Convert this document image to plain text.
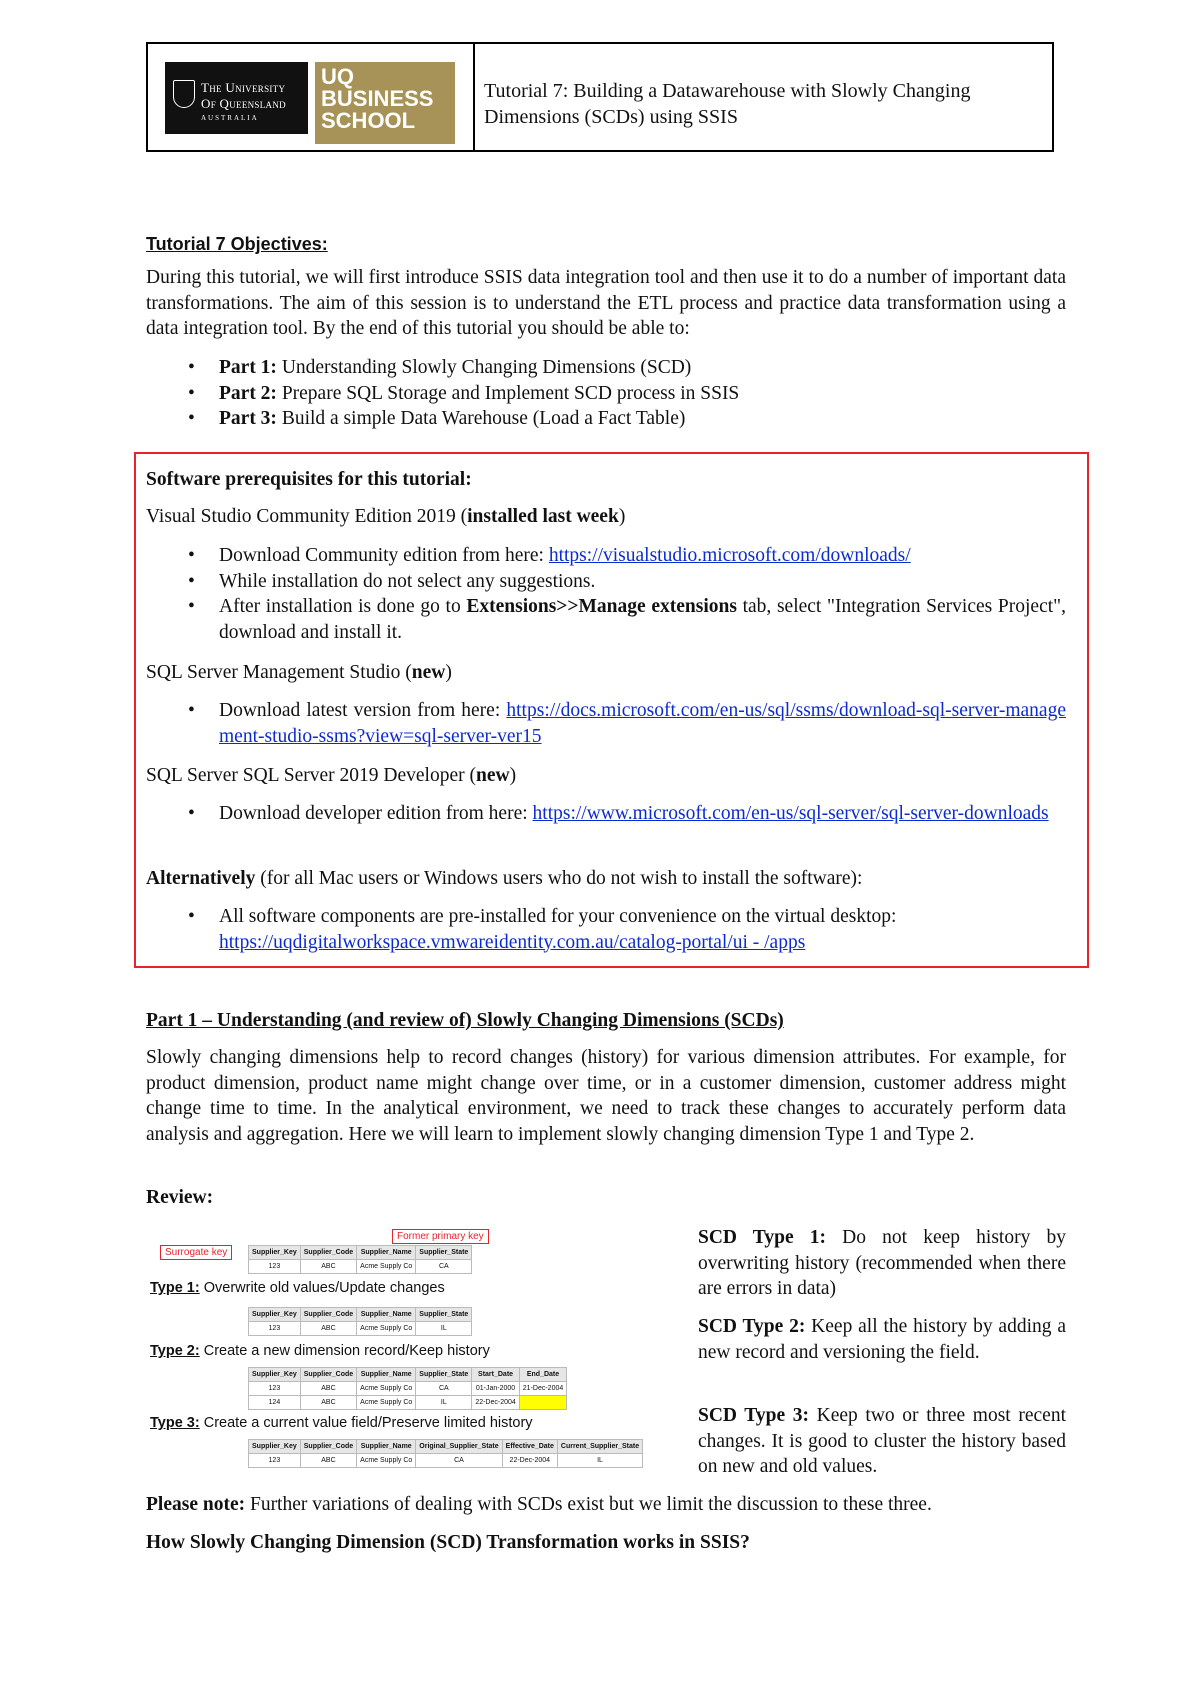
The University
Of Queensland
AUSTRALIA
UQ
BUSINESS
SCHOOL
Tutorial 7: Building a Datawarehouse with Slowly Changing Dimensions (SCDs) using SSIS
Tutorial 7 Objectives:
During this tutorial, we will first introduce SSIS data integration tool and then use it to do a number of important data transformations. The aim of this session is to understand the ETL process and practice data transformation using a data integration tool. By the end of this tutorial you should be able to:
• Part 1: Understanding Slowly Changing Dimensions (SCD)
• Part 2: Prepare SQL Storage and Implement SCD process in SSIS
• Part 3: Build a simple Data Warehouse (Load a Fact Table)
Software prerequisites for this tutorial:
Visual Studio Community Edition 2019 (installed last week)
• Download Community edition from here: https://visualstudio.microsoft.com/downloads/
• While installation do not select any suggestions.
• After installation is done go to Extensions>>Manage extensions tab, select "Integration Services Project", download and install it.
SQL Server Management Studio (new)
• Download latest version from here: https://docs.microsoft.com/en-us/sql/ssms/download-sql-server-management-studio-ssms?view=sql-server-ver15
SQL Server SQL Server 2019 Developer (new)
• Download developer edition from here: https://www.microsoft.com/en-us/sql-server/sql-server-downloads
Alternatively (for all Mac users or Windows users who do not wish to install the software):
• All software components are pre-installed for your convenience on the virtual desktop: https://uqdigitalworkspace.vmwareidentity.com.au/catalog-portal/ui - /apps
Part 1 – Understanding (and review of) Slowly Changing Dimensions (SCDs)
Slowly changing dimensions help to record changes (history) for various dimension attributes. For example, for product dimension, product name might change over time, or in a customer dimension, customer address might change time to time. In the analytical environment, we need to track these changes to accurately perform data analysis and aggregation. Here we will learn to implement slowly changing dimension Type 1 and Type 2.
Review:
Surrogate key
Former primary key
Supplier_Key	Supplier_Code	Supplier_Name	Supplier_State
123	ABC	Acme Supply Co	CA
Type 1: Overwrite old values/Update changes
Supplier_Key	Supplier_Code	Supplier_Name	Supplier_State
123	ABC	Acme Supply Co	IL
Type 2: Create a new dimension record/Keep history
Supplier_Key	Supplier_Code	Supplier_Name	Supplier_State	Start_Date	End_Date
123	ABC	Acme Supply Co	CA	01-Jan-2000	21-Dec-2004
124	ABC	Acme Supply Co	IL	22-Dec-2004	
Type 3: Create a current value field/Preserve limited history
Supplier_Key	Supplier_Code	Supplier_Name	Original_Supplier_State	Effective_Date	Current_Supplier_State
123	ABC	Acme Supply Co	CA	22-Dec-2004	IL
SCD Type 1: Do not keep history by overwriting history (recommended when there are errors in data)
SCD Type 2: Keep all the history by adding a new record and versioning the field.
SCD Type 3: Keep two or three most recent changes. It is good to cluster the history based on new and old values.
Please note: Further variations of dealing with SCDs exist but we limit the discussion to these three.
How Slowly Changing Dimension (SCD) Transformation works in SSIS?
